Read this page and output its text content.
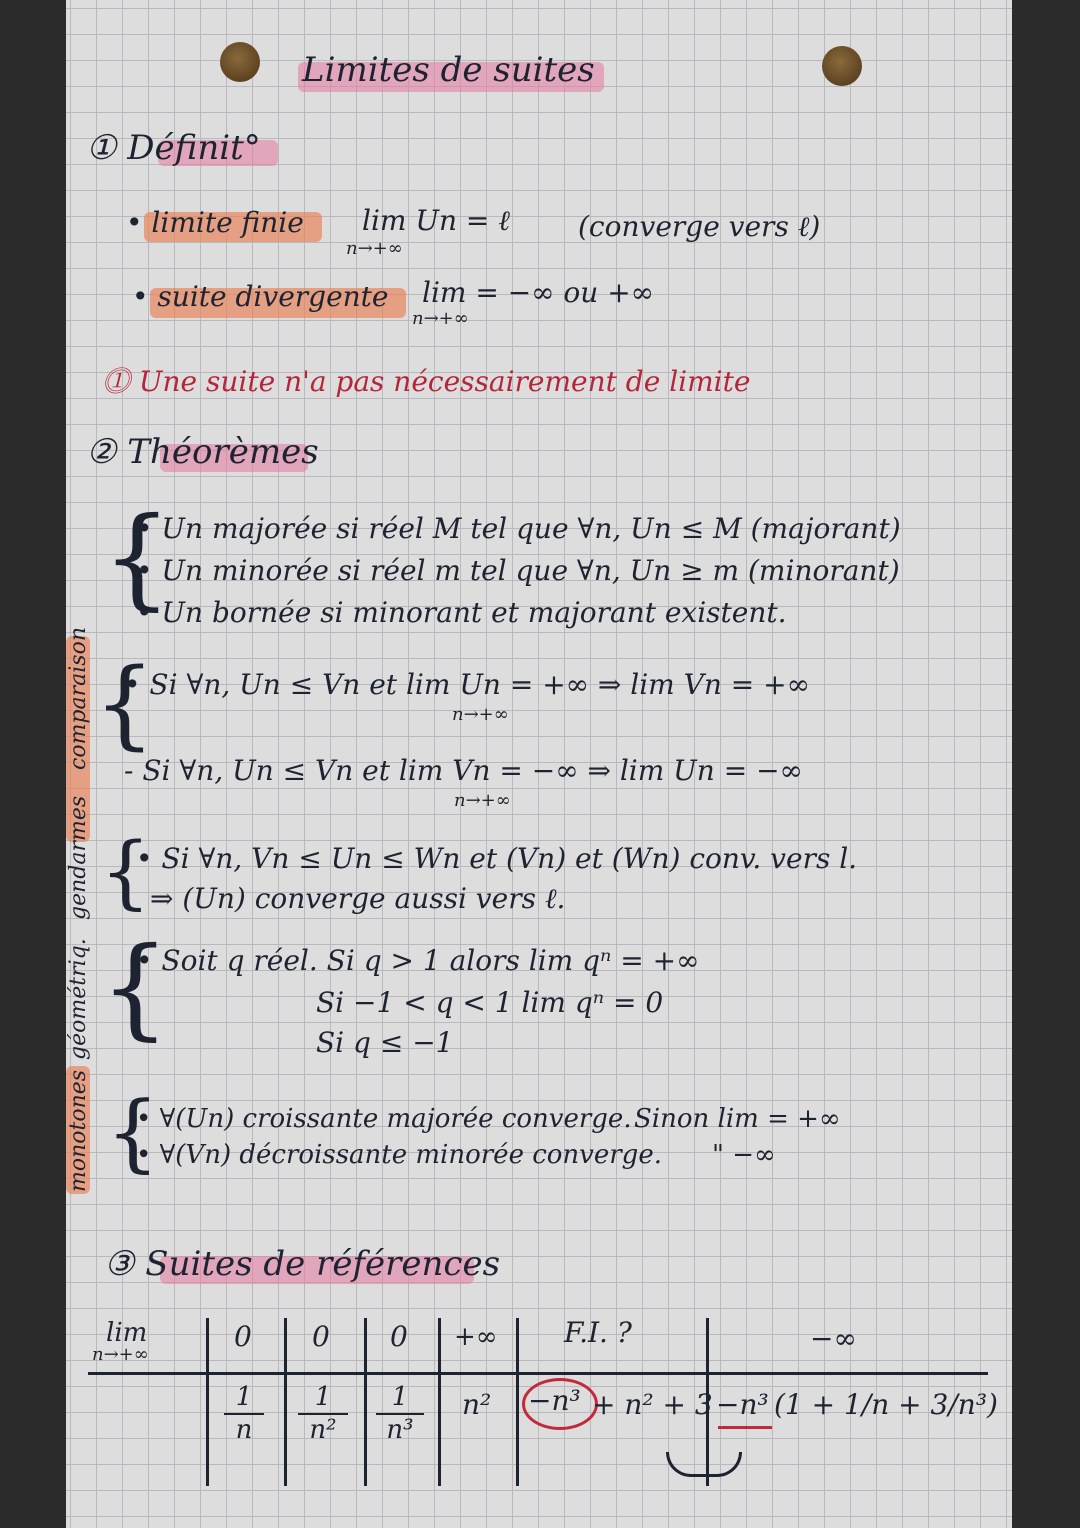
Limites de suites
① Définit°
• limite finie lim Un = ℓ
n→+∞
(converge vers ℓ)
• suite divergente lim = −∞ ou +∞
n→+∞
⓵ Une suite n'a pas nécessairement de limite
② Théorèmes
{
• Un majorée si réel M tel que ∀n, Un ≤ M (majorant)
• Un minorée si réel m tel que ∀n, Un ≥ m (minorant)
• Un bornée si minorant et majorant existent.
comparaison
gendarmes
géométriq.
monotones
{
• Si ∀n, Un ≤ Vn et lim Un = +∞ ⇒ lim Vn = +∞
n→+∞
- Si ∀n, Un ≤ Vn et lim Vn = −∞ ⇒ lim Un = −∞
n→+∞
{
• Si ∀n, Vn ≤ Un ≤ Wn et (Vn) et (Wn) conv. vers l.
⇒ (Un) converge aussi vers ℓ.
{
• Soit q réel. Si q > 1 alors lim qⁿ = +∞
Si −1 < q < 1 lim qⁿ = 0
Si q ≤ −1
{
• ∀(Un) croissante majorée converge.
• ∀(Vn) décroissante minorée converge.
Sinon lim = +∞
" −∞
③ Suites de références
lim
n→+∞
0 0 0 +∞ F.I. ?	−∞
1
n
1
n²
1
n³
n² −n³ + n² + 3 −n³ (1 + 1/n + 3/n³)
